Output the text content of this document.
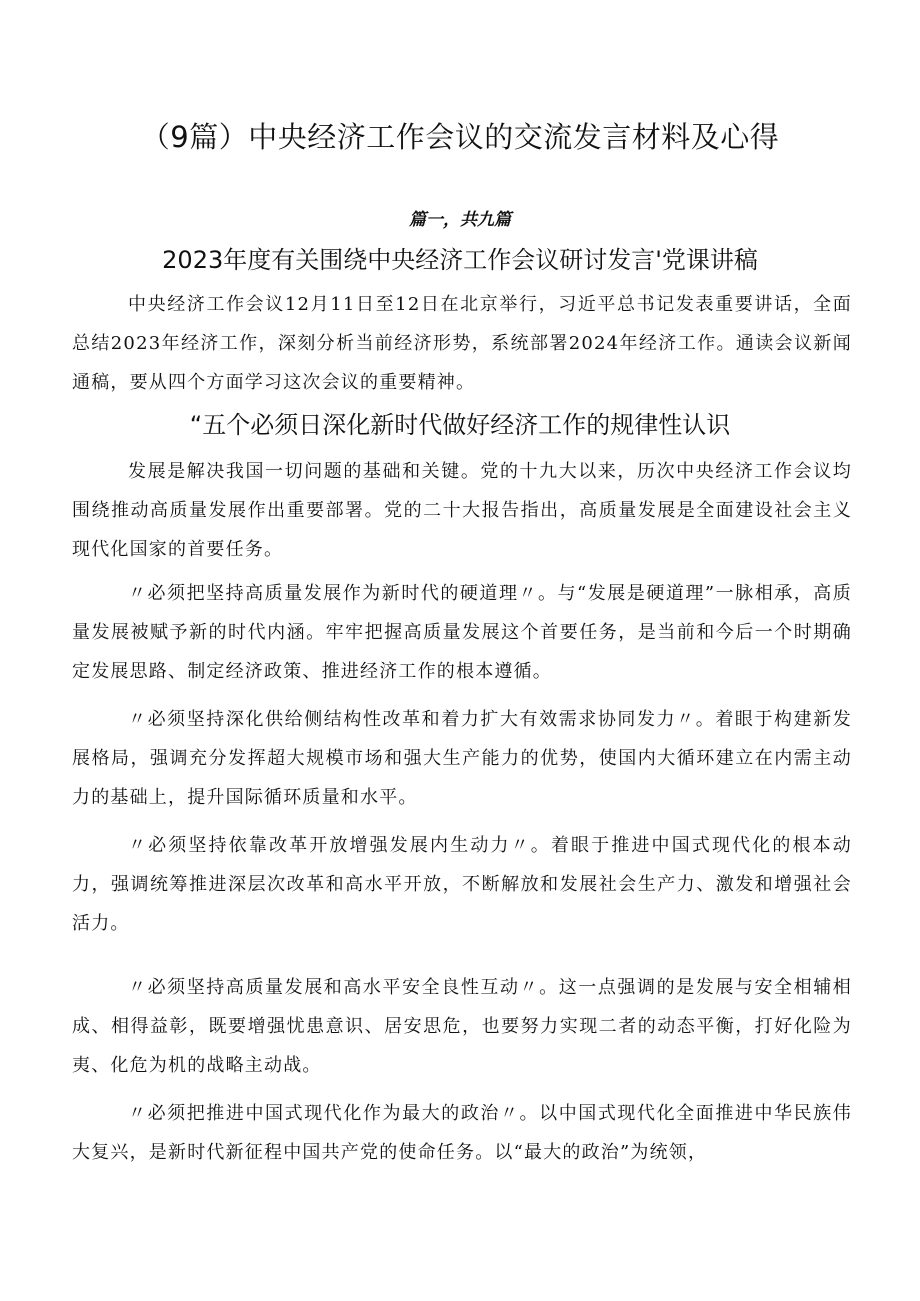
（9篇）中央经济工作会议的交流发言材料及心得
篇一，共九篇
2023年度有关围绕中央经济工作会议研讨发言'党课讲稿

中央经济工作会议12月11日至12日在北京举行，习近平总书记发表重要讲话，全面总结2023年经济工作，深刻分析当前经济形势，系统部署2024年经济工作。通读会议新闻通稿，要从四个方面学习这次会议的重要精神。

“五个必须日深化新时代做好经济工作的规律性认识

发展是解决我国一切问题的基础和关键。党的十九大以来，历次中央经济工作会议均围绕推动高质量发展作出重要部署。党的二十大报告指出，高质量发展是全面建设社会主义现代化国家的首要任务。

〃必须把坚持高质量发展作为新时代的硬道理〃。与“发展是硬道理”一脉相承，高质量发展被赋予新的时代内涵。牢牢把握高质量发展这个首要任务，是当前和今后一个时期确定发展思路、制定经济政策、推进经济工作的根本遵循。

〃必须坚持深化供给侧结构性改革和着力扩大有效需求协同发力〃。着眼于构建新发展格局，强调充分发挥超大规模市场和强大生产能力的优势，使国内大循环建立在内需主动力的基础上，提升国际循环质量和水平。

〃必须坚持依靠改革开放增强发展内生动力〃。着眼于推进中国式现代化的根本动力，强调统筹推进深层次改革和高水平开放，不断解放和发展社会生产力、激发和增强社会活力。

〃必须坚持高质量发展和高水平安全良性互动〃。这一点强调的是发展与安全相辅相成、相得益彰，既要增强忧患意识、居安思危，也要努力实现二者的动态平衡，打好化险为夷、化危为机的战略主动战。

〃必须把推进中国式现代化作为最大的政治〃。以中国式现代化全面推进中华民族伟大复兴，是新时代新征程中国共产党的使命任务。以“最大的政治”为统领，
